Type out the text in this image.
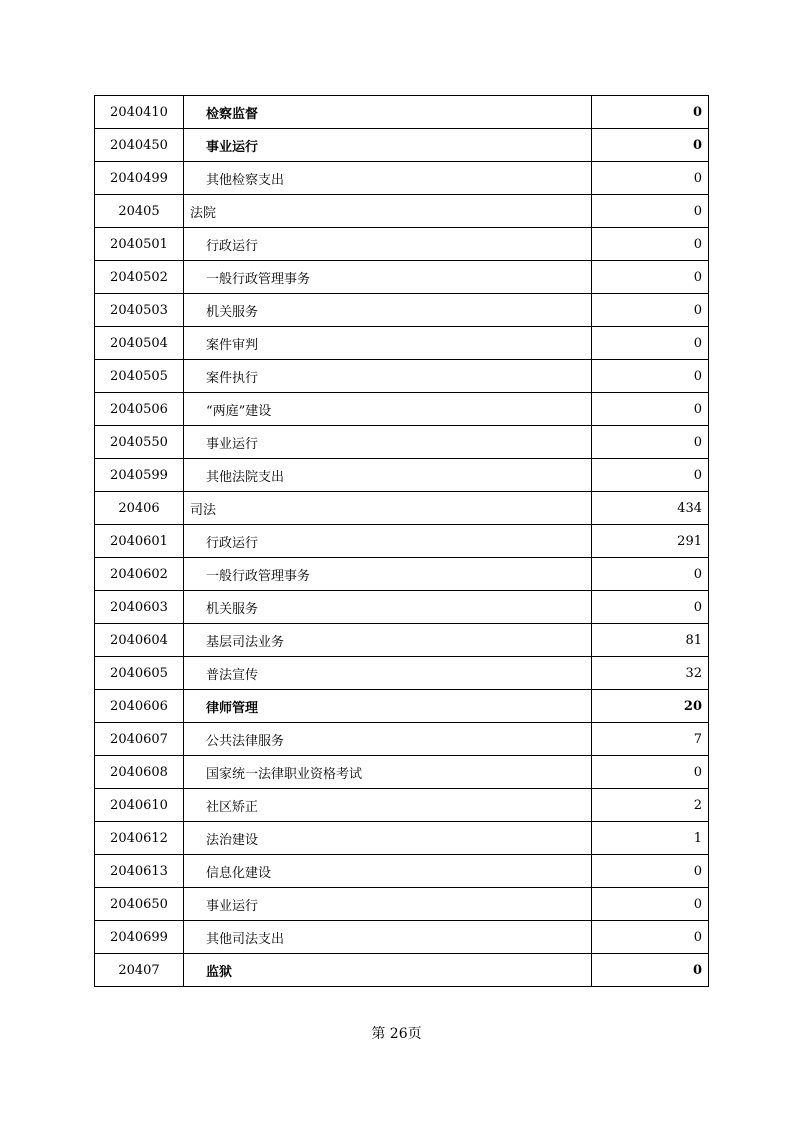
2040410	检察监督	0
2040450	事业运行	0
2040499	其他检察支出	0
20405	法院	0
2040501	行政运行	0
2040502	一般行政管理事务	0
2040503	机关服务	0
2040504	案件审判	0
2040505	案件执行	0
2040506	“两庭”建设	0
2040550	事业运行	0
2040599	其他法院支出	0
20406	司法	434
2040601	行政运行	291
2040602	一般行政管理事务	0
2040603	机关服务	0
2040604	基层司法业务	81
2040605	普法宣传	32
2040606	律师管理	20
2040607	公共法律服务	7
2040608	国家统一法律职业资格考试	0
2040610	社区矫正	2
2040612	法治建设	1
2040613	信息化建设	0
2040650	事业运行	0
2040699	其他司法支出	0
20407	监狱	0
第 26页
